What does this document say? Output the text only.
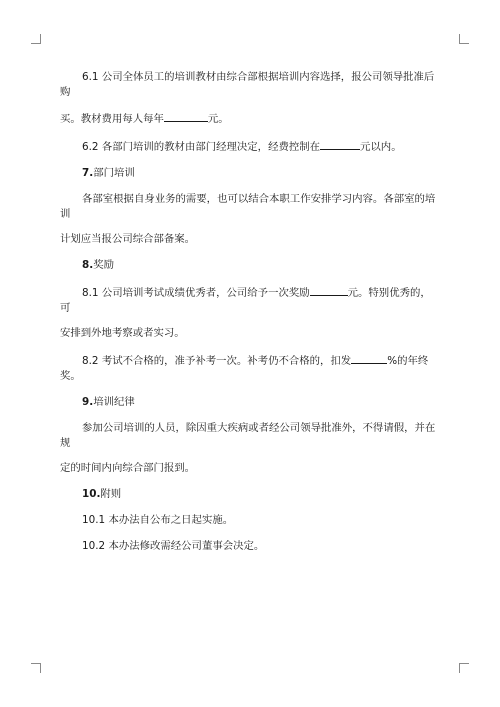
6.1 公司全体员工的培训教材由综合部根据培训内容选择，报公司领导批准后购
买。教材费用每人每年	元。

6.2 各部门培训的教材由部门经理决定，经费控制在	元以内。

7.部门培训

各部室根据自身业务的需要，也可以结合本职工作安排学习内容。各部室的培训
计划应当报公司综合部备案。

8.奖励

8.1 公司培训考试成绩优秀者，公司给予一次奖励	元。特别优秀的，可
安排到外地考察或者实习。

8.2 考试不合格的，准予补考一次。补考仍不合格的，扣发	%的年终奖。

9.培训纪律

参加公司培训的人员，除因重大疾病或者经公司领导批准外，不得请假，并在规
定的时间内向综合部门报到。

10.附则

10.1 本办法自公布之日起实施。

10.2 本办法修改需经公司董事会决定。
